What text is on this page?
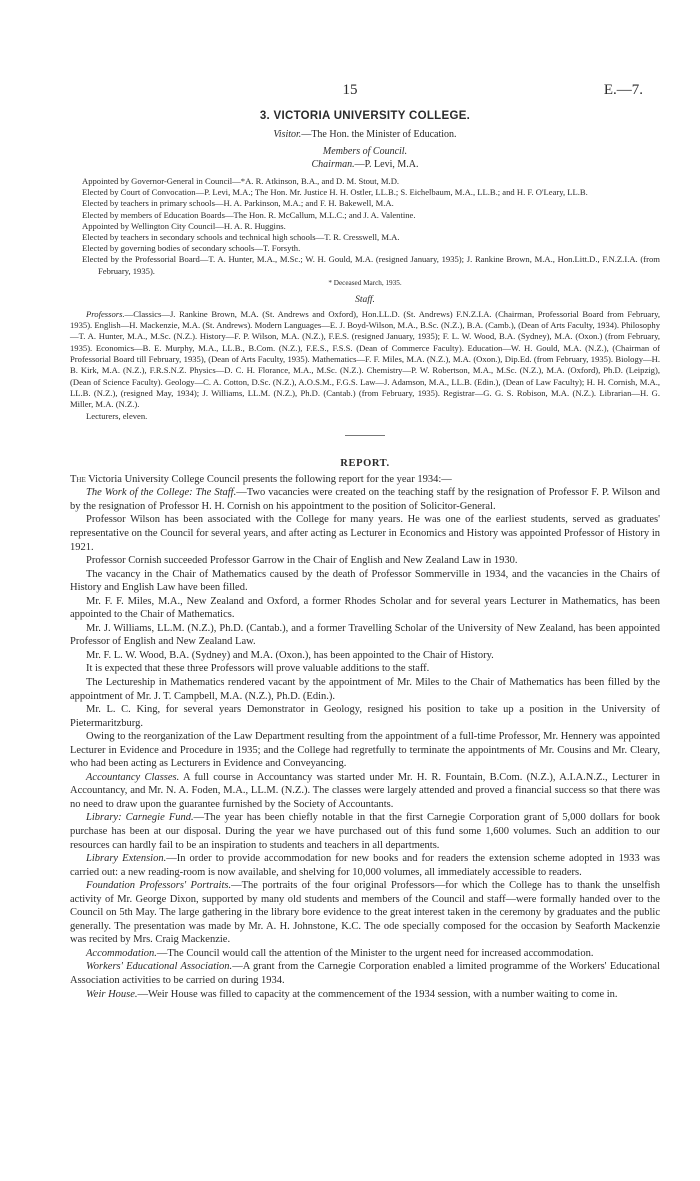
15	E.—7.
3. VICTORIA UNIVERSITY COLLEGE.

Visitor.—The Hon. the Minister of Education.

Members of Council.

Chairman.—P. Levi, M.A.

Appointed by Governor-General in Council—*A. R. Atkinson, B.A., and D. M. Stout, M.D.

Elected by Court of Convocation—P. Levi, M.A.; The Hon. Mr. Justice H. H. Ostler, LL.B.; S. Eichelbaum, M.A., LL.B.; and H. F. O'Leary, LL.B.

Elected by teachers in primary schools—H. A. Parkinson, M.A.; and F. H. Bakewell, M.A.

Elected by members of Education Boards—The Hon. R. McCallum, M.L.C.; and J. A. Valentine.

Appointed by Wellington City Council—H. A. R. Huggins.

Elected by teachers in secondary schools and technical high schools—T. R. Cresswell, M.A.

Elected by governing bodies of secondary schools—T. Forsyth.

Elected by the Professorial Board—T. A. Hunter, M.A., M.Sc.; W. H. Gould, M.A. (resigned January, 1935); J. Rankine Brown, M.A., Hon.Litt.D., F.N.Z.I.A. (from February, 1935).

* Deceased March, 1935.

Staff.

Professors.—Classics—J. Rankine Brown, M.A. (St. Andrews and Oxford), Hon.LL.D. (St. Andrews) F.N.Z.I.A. (Chairman, Professorial Board from February, 1935). English—H. Mackenzie, M.A. (St. Andrews). Modern Languages—E. J. Boyd-Wilson, M.A., B.Sc. (N.Z.), B.A. (Camb.), (Dean of Arts Faculty, 1934). Philosophy—T. A. Hunter, M.A., M.Sc. (N.Z.). History—F. P. Wilson, M.A. (N.Z.), F.E.S. (resigned January, 1935); F. L. W. Wood, B.A. (Sydney), M.A. (Oxon.) (from February, 1935). Economics—B. E. Murphy, M.A., LL.B., B.Com. (N.Z.), F.E.S., F.S.S. (Dean of Commerce Faculty). Education—W. H. Gould, M.A. (N.Z.), (Chairman of Professorial Board till February, 1935), (Dean of Arts Faculty, 1935). Mathematics—F. F. Miles, M.A. (N.Z.), M.A. (Oxon.), Dip.Ed. (from February, 1935). Biology—H. B. Kirk, M.A. (N.Z.), F.R.S.N.Z. Physics—D. C. H. Florance, M.A., M.Sc. (N.Z.). Chemistry—P. W. Robertson, M.A., M.Sc. (N.Z.), M.A. (Oxford), Ph.D. (Leipzig), (Dean of Science Faculty). Geology—C. A. Cotton, D.Sc. (N.Z.), A.O.S.M., F.G.S. Law—J. Adamson, M.A., LL.B. (Edin.), (Dean of Law Faculty); H. H. Cornish, M.A., LL.B. (N.Z.), (resigned May, 1934); J. Williams, LL.M. (N.Z.), Ph.D. (Cantab.) (from February, 1935). Registrar—G. G. S. Robison, M.A. (N.Z.). Librarian—H. G. Miller, M.A. (N.Z.).

Lecturers, eleven.

REPORT.

The Victoria University College Council presents the following report for the year 1934:—

The Work of the College: The Staff.—Two vacancies were created on the teaching staff by the resignation of Professor F. P. Wilson and by the resignation of Professor H. H. Cornish on his appointment to the position of Solicitor-General.

Professor Wilson has been associated with the College for many years. He was one of the earliest students, served as graduates' representative on the Council for several years, and after acting as Lecturer in Economics and History was appointed Professor of History in 1921.

Professor Cornish succeeded Professor Garrow in the Chair of English and New Zealand Law in 1930.

The vacancy in the Chair of Mathematics caused by the death of Professor Sommerville in 1934, and the vacancies in the Chairs of History and English Law have been filled.

Mr. F. F. Miles, M.A., New Zealand and Oxford, a former Rhodes Scholar and for several years Lecturer in Mathematics, has been appointed to the Chair of Mathematics.

Mr. J. Williams, LL.M. (N.Z.), Ph.D. (Cantab.), and a former Travelling Scholar of the University of New Zealand, has been appointed Professor of English and New Zealand Law.

Mr. F. L. W. Wood, B.A. (Sydney) and M.A. (Oxon.), has been appointed to the Chair of History.

It is expected that these three Professors will prove valuable additions to the staff.

The Lectureship in Mathematics rendered vacant by the appointment of Mr. Miles to the Chair of Mathematics has been filled by the appointment of Mr. J. T. Campbell, M.A. (N.Z.), Ph.D. (Edin.).

Mr. L. C. King, for several years Demonstrator in Geology, resigned his position to take up a position in the University of Pietermaritzburg.

Owing to the reorganization of the Law Department resulting from the appointment of a full-time Professor, Mr. Hennery was appointed Lecturer in Evidence and Procedure in 1935; and the College had regretfully to terminate the appointments of Mr. Cousins and Mr. Cleary, who had been acting as Lecturers in Evidence and Conveyancing.

Accountancy Classes. A full course in Accountancy was started under Mr. H. R. Fountain, B.Com. (N.Z.), A.I.A.N.Z., Lecturer in Accountancy, and Mr. N. A. Foden, M.A., LL.M. (N.Z.). The classes were largely attended and proved a financial success so that there was no need to draw upon the guarantee furnished by the Society of Accountants.

Library: Carnegie Fund.—The year has been chiefly notable in that the first Carnegie Corporation grant of 5,000 dollars for book purchase has been at our disposal. During the year we have purchased out of this fund some 1,600 volumes. Such an addition to our resources can hardly fail to be an inspiration to students and teachers in all departments.

Library Extension.—In order to provide accommodation for new books and for readers the extension scheme adopted in 1933 was carried out: a new reading-room is now available, and shelving for 10,000 volumes, all immediately accessible to readers.

Foundation Professors' Portraits.—The portraits of the four original Professors—for which the College has to thank the unselfish activity of Mr. George Dixon, supported by many old students and members of the Council and staff—were formally handed over to the Council on 5th May. The large gathering in the library bore evidence to the great interest taken in the ceremony by graduates and the public generally. The presentation was made by Mr. A. H. Johnstone, K.C. The ode specially composed for the occasion by Seaforth Mackenzie was recited by Mrs. Craig Mackenzie.

Accommodation.—The Council would call the attention of the Minister to the urgent need for increased accommodation.

Workers' Educational Association.—A grant from the Carnegie Corporation enabled a limited programme of the Workers' Educational Association activities to be carried on during 1934.

Weir House.—Weir House was filled to capacity at the commencement of the 1934 session, with a number waiting to come in.
